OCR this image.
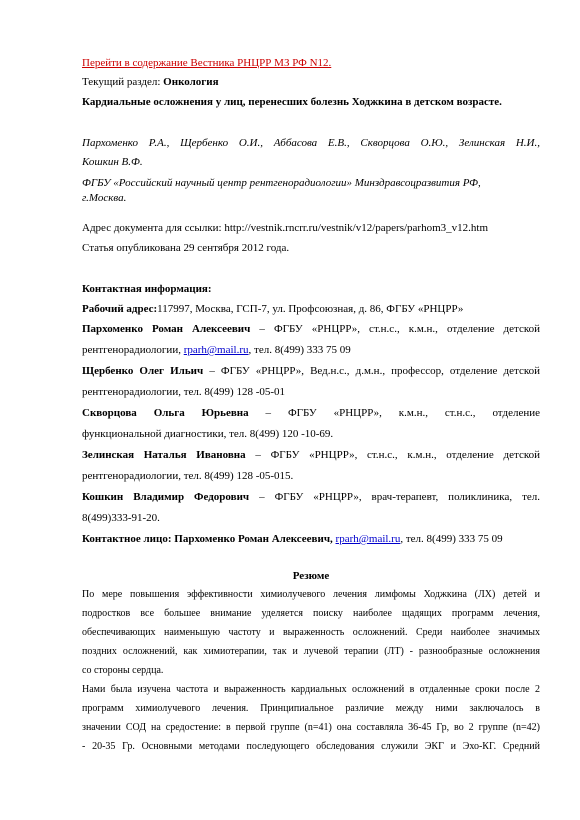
Перейти в содержание Вестника РНЦРР МЗ РФ N12.
Текущий раздел: Онкология
Кардиальные осложнения у лиц, перенесших болезнь Ходжкина в детском возрасте.
Пархоменко Р.А., Щербенко О.И., Аббасова Е.В., Скворцова О.Ю., Зелинская Н.И.,
Кошкин В.Ф.
ФГБУ «Российский научный центр рентгенорадиологии» Минздравсоцразвития РФ,
г.Москва.
Адрес документа для ссылки: http://vestnik.rncrr.ru/vestnik/v12/papers/parhom3_v12.htm
Статья опубликована 29 сентября 2012 года.
Контактная информация:
Рабочий адрес:117997, Москва, ГСП-7, ул. Профсоюзная, д. 86, ФГБУ «РНЦРР»
Пархоменко Роман Алексеевич – ФГБУ «РНЦРР», ст.н.с., к.м.н., отделение детской
рентгенорадиологии, rparh@mail.ru, тел. 8(499) 333 75 09
Щербенко Олег Ильич – ФГБУ «РНЦРР», Вед.н.с., д.м.н., профессор, отделение детской
рентгенорадиологии, тел. 8(499) 128 -05-01
Скворцова Ольга Юрьевна – ФГБУ «РНЦРР», к.м.н., ст.н.с., отделение
функциональной диагностики, тел. 8(499) 120 -10-69.
Зелинская Наталья Ивановна – ФГБУ «РНЦРР», ст.н.с., к.м.н., отделение детской
рентгенорадиологии, тел. 8(499) 128 -05-015.
Кошкин Владимир Федорович – ФГБУ «РНЦРР», врач-терапевт, поликлиника, тел.
8(499)333-91-20.
Контактное лицо: Пархоменко Роман Алексеевич, rparh@mail.ru, тел. 8(499) 333 75 09
Резюме
По мере повышения эффективности химиолучевого лечения лимфомы Ходжкина (ЛХ) детей и
подростков все большее внимание уделяется поиску наиболее щадящих программ лечения,
обеспечивающих наименьшую частоту и выраженность осложнений. Среди наиболее значимых
поздних осложнений, как химиотерапии, так и лучевой терапии (ЛТ) - разнообразные осложнения
со стороны сердца.
Нами была изучена частота и выраженность кардиальных осложнений в отдаленные сроки после 2
программ химиолучевого лечения. Принципиальное различие между ними заключалось в
значении СОД на средостение: в первой группе (n=41) она составляла 36-45 Гр, во 2 группе (n=42)
- 20-35 Гр. Основными методами последующего обследования служили ЭКГ и Эхо-КГ. Средний
